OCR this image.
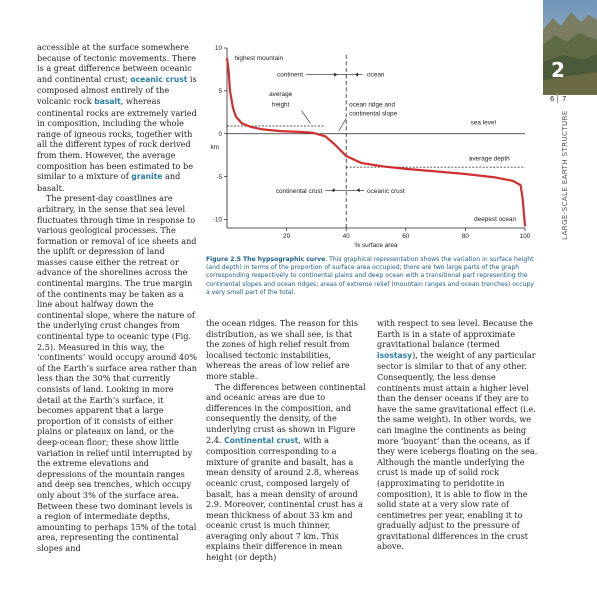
accessible at the surface somewhere because of tectonic movements. There is a great difference between oceanic and continental crust; oceanic crust is composed almost entirely of the volcanic rock basalt, whereas continental rocks are extremely varied in composition, including the whole range of igneous rocks, together with all the different types of rock derived from them. However, the average composition has been estimated to be similar to a mixture of granite and basalt.

The present-day coastlines are arbitrary, in the sense that sea level fluctuates through time in response to various geological processes. The formation or removal of ice sheets and the uplift or depression of land masses cause either the retreat or advance of the shorelines across the continental margins. The true margin of the continents may be taken as a line about halfway down the continental slope, where the nature of the underlying crust changes from continental type to oceanic type (Fig. 2.5). Measured in this way, the ‘continents’ would occupy around 40% of the Earth’s surface area rather than less than the 30% that currently consists of land. Looking in more detail at the Earth’s surface, it becomes apparent that a large proportion of it consists of either plains or plateaux on land, or the deep-ocean floor; these show little variation in relief until interrupted by the extreme elevations and depressions of the mountain ranges and deep sea trenches, which occupy only about 3% of the surface area. Between these two dominant levels is a region of intermediate depths, amounting to perhaps 15% of the total area, representing the continental slopes and

10
5
0
-5
-10
km
20	40	60	80	100
% surface area
highest mountain
continent	ocean
average
height	ocean ridge and
continental slope
sea level
average depth
continental crust	oceanic crust
deepest ocean
Figure 2.5 The hypsographic curve. This graphical representation shows the variation in surface height (and depth) in terms of the proportion of surface area occupied; there are two large parts of the graph corresponding respectively to continental plains and deep ocean with a transitional part representing the continental slopes and ocean ridges; areas of extreme relief (mountain ranges and ocean trenches) occupy a very small part of the total.

the ocean ridges. The reason for this distribution, as we shall see, is that the zones of high relief result from localised tectonic instabilities, whereas the areas of low relief are more stable.

The differences between continental and oceanic areas are due to differences in the composition, and consequently the density, of the underlying crust as shown in Figure 2.4. Continental crust, with a composition corresponding to a mixture of granite and basalt, has a mean density of around 2.8, whereas oceanic crust, composed largely of basalt, has a mean density of around 2.9. Moreover, continental crust has a mean thickness of about 33 km and oceanic crust is much thinner, averaging only about 7 km. This explains their difference in mean height (or depth)

with respect to sea level. Because the Earth is in a state of approximate gravitational balance (termed isostasy), the weight of any particular sector is similar to that of any other. Consequently, the less dense continents must attain a higher level than the denser oceans if they are to have the same gravitational effect (i.e. the same weight). In other words, we can imagine the continents as being more ‘buoyant’ than the oceans, as if they were icebergs floating on the sea. Although the mantle underlying the crust is made up of solid rock (approximating to peridotite in composition), it is able to flow in the solid state at a very slow rate of centimetres per year, enabling it to gradually adjust to the pressure of gravitational differences in the crust above.

2
6 7
LARGE-SCALE EARTH STRUCTURE
